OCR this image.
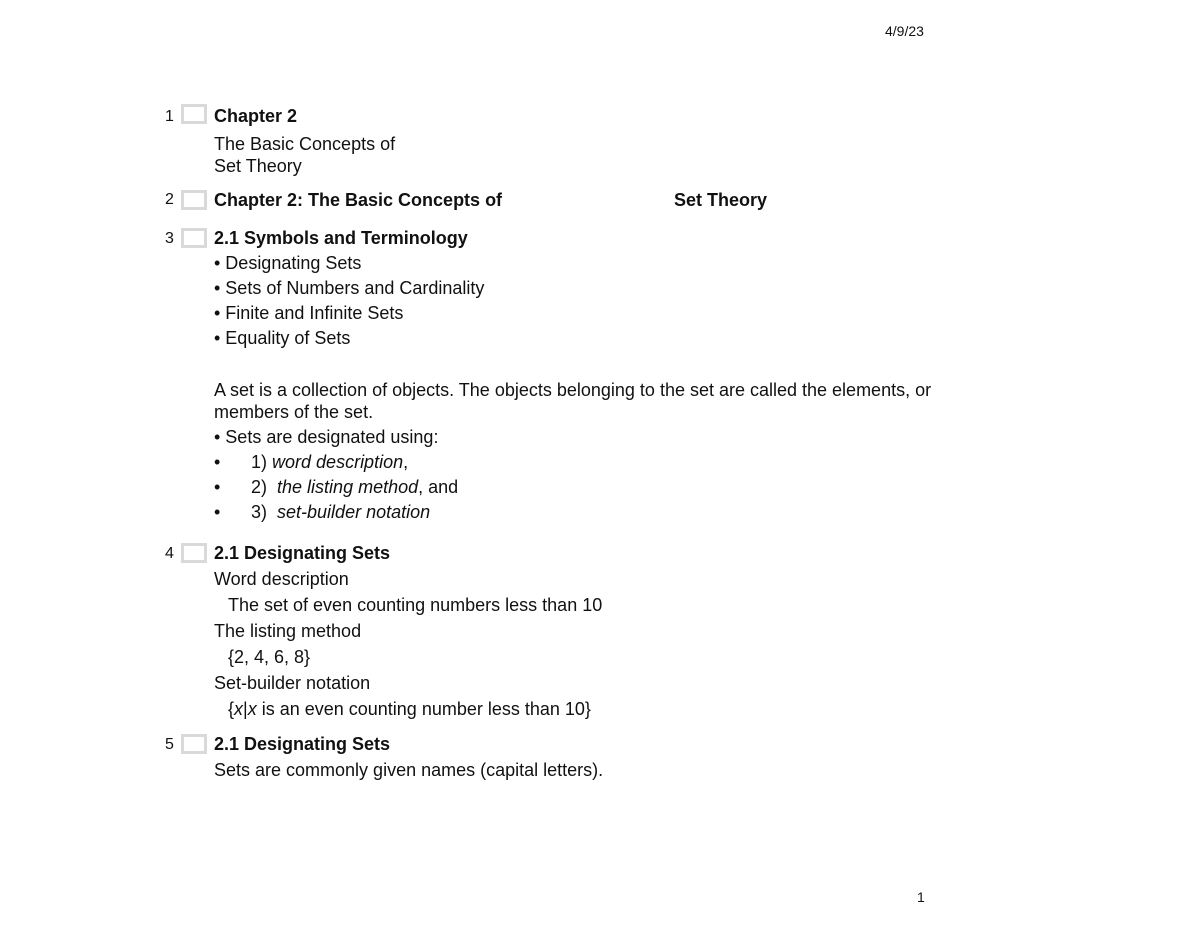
4/9/23
1 Chapter 2
The Basic Concepts of
Set Theory
2 Chapter 2: The Basic Concepts of	Set Theory
3 2.1 Symbols and Terminology
• Designating Sets
• Sets of Numbers and Cardinality
• Finite and Infinite Sets
• Equality of Sets
A set is a collection of objects. The objects belonging to the set are called the elements, or
members of the set.
• Sets are designated using:
• 1) word description,
• 2) the listing method, and
• 3) set-builder notation
4 2.1 Designating Sets
Word description
The set of even counting numbers less than 10
The listing method
{2, 4, 6, 8}
Set-builder notation
{x|x is an even counting number less than 10}
5 2.1 Designating Sets
Sets are commonly given names (capital letters).
1
